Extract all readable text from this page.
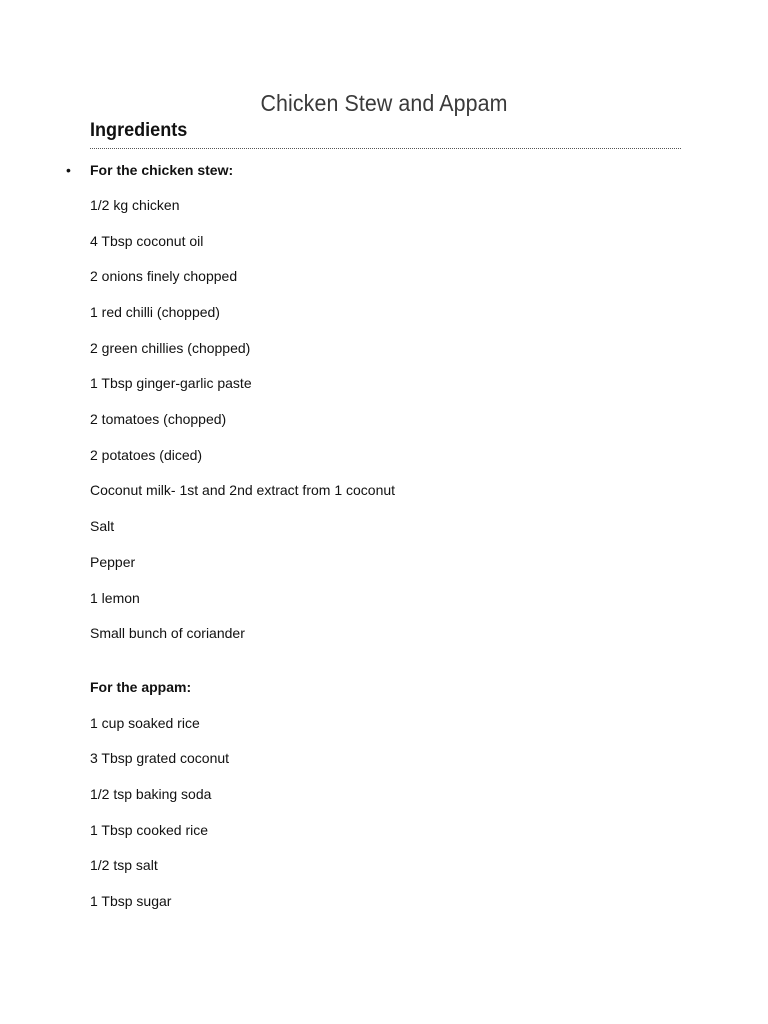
Chicken Stew and Appam
Ingredients
• For the chicken stew:
1/2 kg chicken
4 Tbsp coconut oil
2 onions finely chopped
1 red chilli (chopped)
2 green chillies (chopped)
1 Tbsp ginger-garlic paste
2 tomatoes (chopped)
2 potatoes (diced)
Coconut milk- 1st and 2nd extract from 1 coconut
Salt
Pepper
1 lemon
Small bunch of coriander
For the appam:
1 cup soaked rice
3 Tbsp grated coconut
1/2 tsp baking soda
1 Tbsp cooked rice
1/2 tsp salt
1 Tbsp sugar
